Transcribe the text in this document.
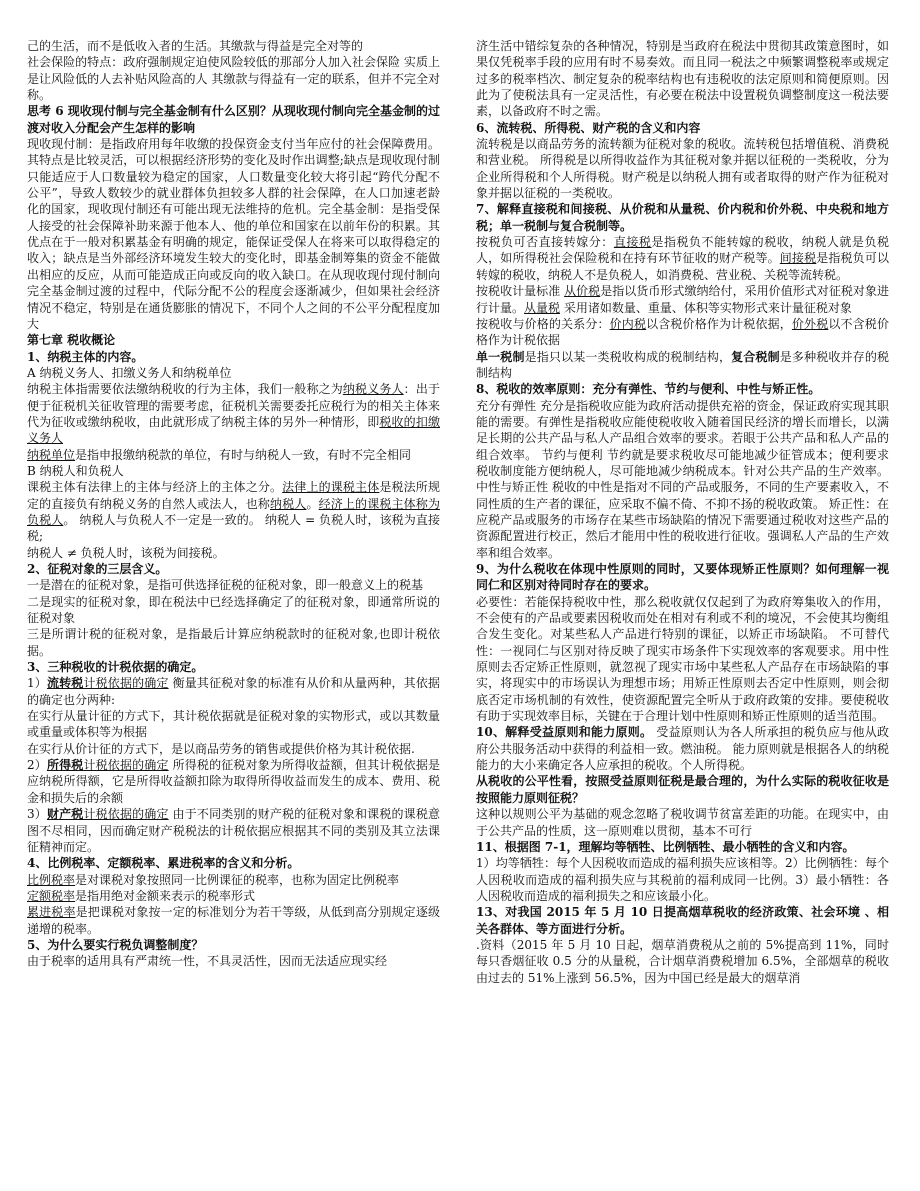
己的生活，而不是低收入者的生活。其缴款与得益是完全对等的

社会保险的特点：政府强制规定迫使风险较低的那部分人加入社会保险 实质上是让风险低的人去补贴风险高的人 其缴款与得益有一定的联系，但并不完全对称。

思考 6 现收现付制与完全基金制有什么区别？从现收现付制向完全基金制的过渡对收入分配会产生怎样的影响

现收现付制：是指政府用每年收缴的投保资金支付当年应付的社会保障费用。其特点是比较灵活，可以根据经济形势的变化及时作出调整;缺点是现收现付制只能适应于人口数量较为稳定的国家，人口数量变化较大将引起“跨代分配不公平”，导致人数较少的就业群体负担较多人群的社会保障，在人口加速老龄化的国家，现收现付制还有可能出现无法维持的危机。完全基金制：是指受保人接受的社会保障补助来源于他本人、他的单位和国家在以前年份的积累。其优点在于一般对积累基金有明确的规定，能保证受保人在将来可以取得稳定的收入；缺点是当外部经济环境发生较大的变化时，即基金制筹集的资金不能做出相应的反应，从而可能造成正向或反向的收入缺口。在从现收现付现付制向完全基金制过渡的过程中，代际分配不公的程度会逐渐减少，但如果社会经济情况不稳定，特别是在通货膨胀的情况下，不同个人之间的不公平分配程度加大

第七章 税收概论

1、纳税主体的内容。

A 纳税义务人、扣缴义务人和纳税单位

纳税主体指需要依法缴纳税收的行为主体，我们一般称之为纳税义务人：出于便于征税机关征收管理的需要考虑，征税机关需要委托应税行为的相关主体来代为征收或缴纳税收，由此就形成了纳税主体的另外一种情形，即税收的扣缴义务人

纳税单位是指申报缴纳税款的单位，有时与纳税人一致，有时不完全相同

B 纳税人和负税人

课税主体有法律上的主体与经济上的主体之分。法律上的课税主体是税法所规定的直接负有纳税义务的自然人或法人，也称纳税人。经济上的课税主体称为负税人。 纳税人与负税人不一定是一致的。 纳税人 = 负税人时，该税为直接税;

纳税人 ≠ 负税人时，该税为间接税。

2、征税对象的三层含义。

一是潜在的征税对象，是指可供选择征税的征税对象，即一般意义上的税基

二是现实的征税对象，即在税法中已经选择确定了的征税对象，即通常所说的征税对象

三是所谓计税的征税对象，是指最后计算应纳税款时的征税对象,也即计税依据。

3、三种税收的计税依据的确定。

1）流转税计税依据的确定 衡量其征税对象的标准有从价和从量两种，其依据的确定也分两种:

在实行从量计征的方式下，其计税依据就是征税对象的实物形式，或以其数量或重量或体积等为根据

在实行从价计征的方式下，是以商品劳务的销售或提供价格为其计税依据.

2）所得税计税依据的确定 所得税的征税对象为所得收益额，但其计税依据是应纳税所得额，它是所得收益额扣除为取得所得收益而发生的成本、费用、税金和损失后的余额

3）财产税计税依据的确定 由于不同类别的财产税的征税对象和课税的课税意图不尽相同，因而确定财产税税法的计税依据应根据其不同的类别及其立法课征精神而定。

4、比例税率、定额税率、累进税率的含义和分析。

比例税率是对课税对象按照同一比例课征的税率，也称为固定比例税率

定额税率是指用绝对金额来表示的税率形式

累进税率是把课税对象按一定的标准划分为若干等级，从低到高分别规定逐级递增的税率。

5、为什么要实行税负调整制度？

由于税率的适用具有严肃统一性，不具灵活性，因而无法适应现实经

济生活中错综复杂的各种情况，特别是当政府在税法中贯彻其政策意图时，如果仅凭税率手段的应用有时不易奏效。而且同一税法之中频繁调整税率或规定过多的税率档次、制定复杂的税率结构也有违税收的法定原则和简便原则。因此为了使税法具有一定灵活性，有必要在税法中设置税负调整制度这一税法要素，以备政府不时之需。

6、流转税、所得税、财产税的含义和内容

流转税是以商品劳务的流转额为征税对象的税收。流转税包括增值税、消费税和营业税。 所得税是以所得收益作为其征税对象并据以征税的一类税收，分为企业所得税和个人所得税。财产税是以纳税人拥有或者取得的财产作为征税对象并据以征税的一类税收。

7、解释直接税和间接税、从价税和从量税、价内税和价外税、中央税和地方税；单一税制与复合税制等。

按税负可否直接转嫁分：直接税是指税负不能转嫁的税收，纳税人就是负税人，如所得税社会保险税和在持有环节征收的财产税等。间接税是指税负可以转嫁的税收，纳税人不是负税人，如消费税、营业税、关税等流转税。

按税收计量标准 从价税是指以货币形式缴纳给付，采用价值形式对征税对象进行计量。从量税 采用诸如数量、重量、体积等实物形式来计量征税对象

按税收与价格的关系分：价内税以含税价格作为计税依据，价外税以不含税价格作为计税依据

单一税制是指只以某一类税收构成的税制结构，复合税制是多种税收并存的税制结构

8、税收的效率原则：充分有弹性、节约与便利、中性与矫正性。

充分有弹性 充分是指税收应能为政府活动提供充裕的资金，保证政府实现其职能的需要。有弹性是指税收应能使税收收入随着国民经济的增长而增长，以满足长期的公共产品与私人产品组合效率的要求。若眼于公共产品和私人产品的组合效率。 节约与便利 节约就是要求税收尽可能地减少征管成本；便利要求税收制度能方便纳税人，尽可能地减少纳税成本。针对公共产品的生产效率。 中性与矫正性 税收的中性是指对不同的产品或服务，不同的生产要素收入，不同性质的生产者的课征，应采取不偏不倚、不抑不扬的税收政策。 矫正性：在应税产品或服务的市场存在某些市场缺陷的情况下需要通过税收对这些产品的资源配置进行校正，然后才能用中性的税收进行征收。强调私人产品的生产效率和组合效率。

9、为什么税收在体现中性原则的同时，又要体现矫正性原则？如何理解一视同仁和区别对待同时存在的要求。

必要性：若能保持税收中性，那么税收就仅仅起到了为政府筹集收入的作用，不会使有的产品或要素因税收而处在相对有利或不利的境况，不会使其均衡组合发生变化。对某些私人产品进行特别的课征，以矫正市场缺陷。 不可替代性：一视同仁与区别对待反映了现实市场条件下实现效率的客观要求。用中性原则去否定矫正性原则，就忽视了现实市场中某些私人产品存在市场缺陷的事实，将现实中的市场误认为理想市场；用矫正性原则去否定中性原则，则会彻底否定市场机制的有效性，使资源配置完全听从于政府政策的安排。要使税收有助于实现效率目标，关键在于合理计划中性原则和矫正性原则的适当范围。

10、解释受益原则和能力原则。 受益原则认为各人所承担的税负应与他从政府公共服务活动中获得的利益相一致。燃油税。 能力原则就是根据各人的纳税能力的大小来确定各人应承担的税收。个人所得税。

从税收的公平性看，按照受益原则征税是最合理的，为什么实际的税收征收是按照能力原则征税？

这种以规则公平为基础的观念忽略了税收调节贫富差距的功能。在现实中，由于公共产品的性质，这一原则难以贯彻，基本不可行

11、根据图 7-1，理解均等牺牲、比例牺牲、最小牺牲的含义和内容。

1）均等牺牲：每个人因税收而造成的福利损失应该相等。2）比例牺牲：每个人因税收而造成的福利损失应与其税前的福利成同一比例。3）最小牺牲：各人因税收而造成的福利损失之和应该最小化。

13、对我国 2015 年 5 月 10 日提高烟草税收的经济政策、社会环境 、相关各群体、等方面进行分析。

.资料（2015 年 5 月 10 日起，烟草消费税从之前的 5%提高到 11%，同时每只香烟征收 0.5 分的从量税，合计烟草消费税增加 6.5%，全部烟草的税收由过去的 51%上涨到 56.5%，因为中国已经是最大的烟草消
